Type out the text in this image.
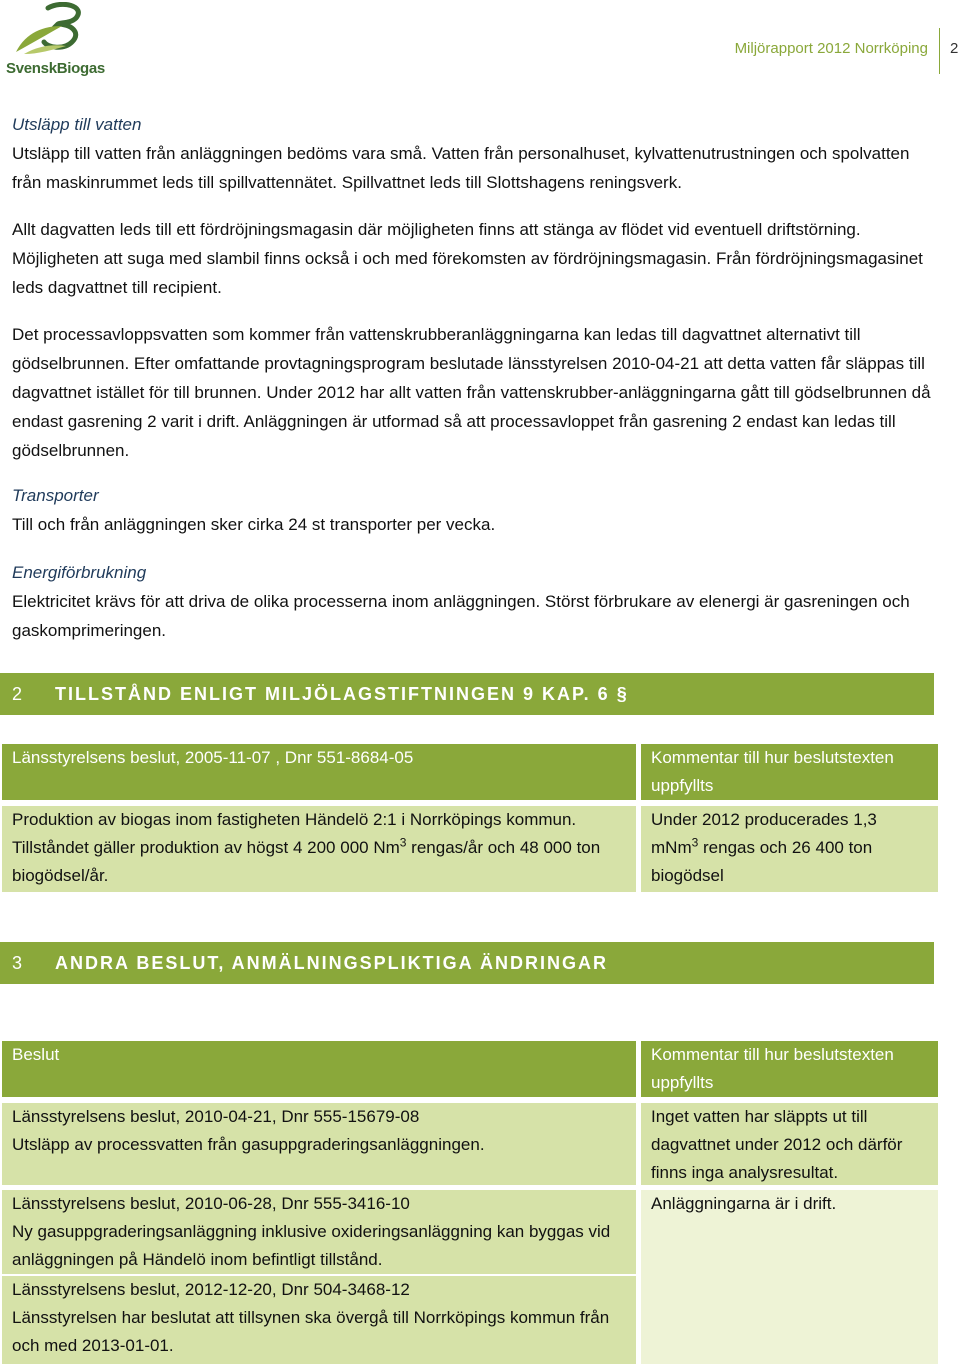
SvenskBiogas
Miljörapport 2012 Norrköping 2
Utsläpp till vatten

Utsläpp till vatten från anläggningen bedöms vara små. Vatten från personalhuset, kylvattenutrustningen och spolvatten från maskinrummet leds till spillvattennätet. Spillvattnet leds till Slottshagens reningsverk.

Allt dagvatten leds till ett fördröjningsmagasin där möjligheten finns att stänga av flödet vid eventuell driftstörning. Möjligheten att suga med slambil finns också i och med förekomsten av fördröjningsmagasin. Från fördröjningsmagasinet leds dagvattnet till recipient.

Det processavloppsvatten som kommer från vattenskrubberanläggningarna kan ledas till dagvattnet alternativt till gödselbrunnen. Efter omfattande provtagningsprogram beslutade länsstyrelsen 2010-04-21 att detta vatten får släppas till dagvattnet istället för till brunnen. Under 2012 har allt vatten från vattenskrubber-anläggningarna gått till gödselbrunnen då endast gasrening 2 varit i drift. Anläggningen är utformad så att processavloppet från gasrening 2 endast kan ledas till gödselbrunnen.

Transporter

Till och från anläggningen sker cirka 24 st transporter per vecka.

Energiförbrukning

Elektricitet krävs för att driva de olika processerna inom anläggningen. Störst förbrukare av elenergi är gasreningen och gaskomprimeringen.

2 TILLSTÅND ENLIGT MILJÖLAGSTIFTNINGEN 9 KAP. 6 §
Länsstyrelsens beslut, 2005-11-07 , Dnr 551-8684-05	Kommentar till hur beslutstexten uppfyllts
Produktion av biogas inom fastigheten Händelö 2:1 i Norrköpings kommun. Tillståndet gäller produktion av högst 4 200 000 Nm$^3$ rengas/år och 48 000 ton biogödsel/år.
Under 2012 producerades 1,3 mNm$^3$ rengas och 26 400 ton biogödsel
3 ANDRA BESLUT, ANMÄLNINGSPLIKTIGA ÄNDRINGAR
Beslut	Kommentar till hur beslutstexten uppfyllts
Länsstyrelsens beslut, 2010-04-21, Dnr 555-15679-08
Utsläpp av processvatten från gasuppgraderingsanläggningen.
Länsstyrelsens beslut, 2010-06-28, Dnr 555-3416-10
Ny gasuppgraderingsanläggning inklusive oxideringsanläggning kan byggas vid anläggningen på Händelö inom befintligt tillstånd.
Länsstyrelsens beslut, 2012-12-20, Dnr 504-3468-12
Länsstyrelsen har beslutat att tillsynen ska övergå till Norrköpings kommun från och med 2013-01-01.
Inget vatten har släppts ut till dagvattnet under 2012 och därför finns inga analysresultat.
Anläggningarna är i drift.
